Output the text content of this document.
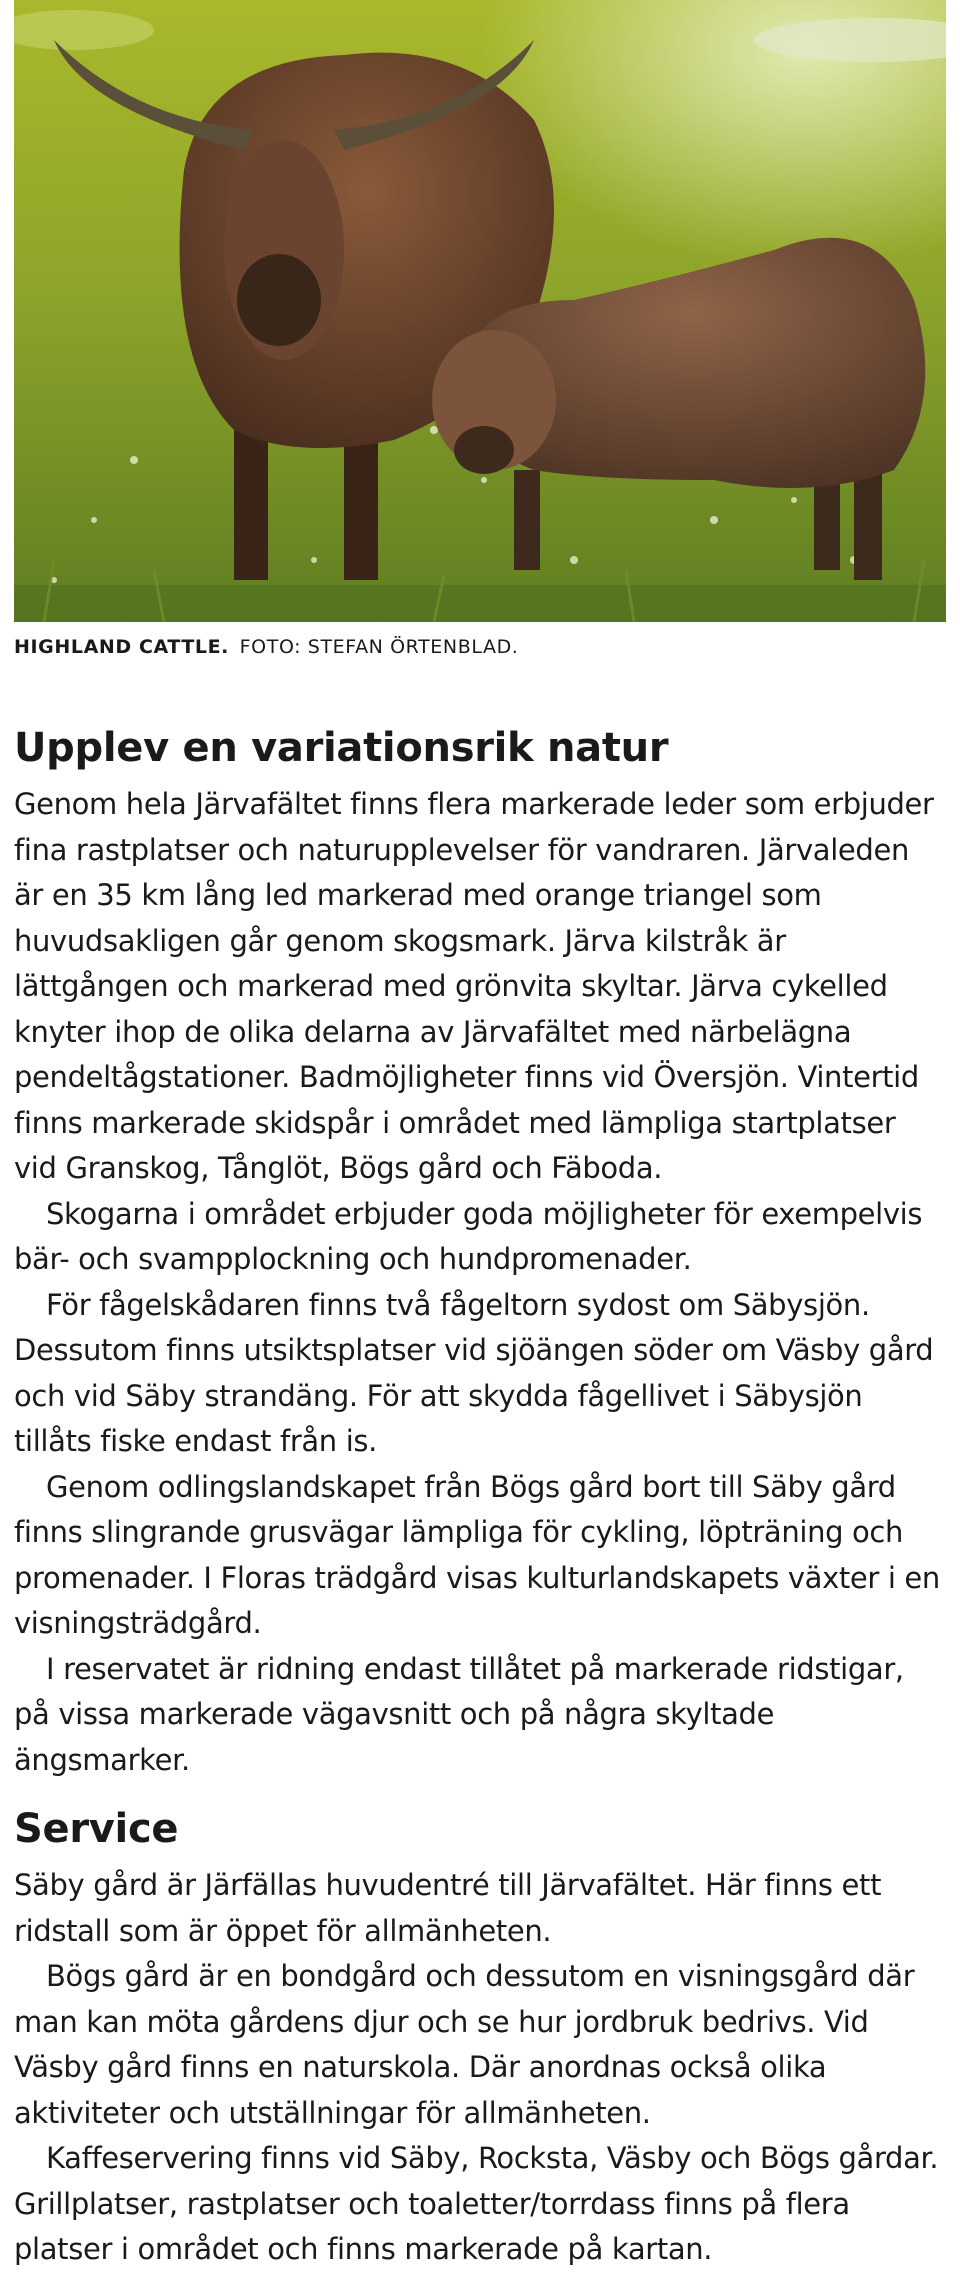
HIGHLAND CATTLE. FOTO: STEFAN ÖRTENBLAD.
Upplev en variationsrik natur

Genom hela Järvafältet finns flera markerade leder som erbjuder fina rastplatser och naturupplevelser för vandraren. Järvaleden är en 35 km lång led markerad med orange triangel som huvudsakligen går genom skogsmark. Järva kilstråk är lättgången och markerad med grönvita skyltar. Järva cykelled knyter ihop de olika delarna av Järvafältet med närbelägna pendeltågstationer. Badmöjligheter finns vid Översjön. Vintertid finns markerade skidspår i området med lämpliga startplatser vid Granskog, Tånglöt, Bögs gård och Fäboda.

Skogarna i området erbjuder goda möjligheter för exempelvis bär- och svampplockning och hundpromenader.

För fågelskådaren finns två fågeltorn sydost om Säbysjön. Dessutom finns utsiktsplatser vid sjöängen söder om Väsby gård och vid Säby strandäng. För att skydda fågellivet i Säbysjön tillåts fiske endast från is.

Genom odlingslandskapet från Bögs gård bort till Säby gård finns slingrande grusvägar lämpliga för cykling, löpträning och promenader. I Floras trädgård visas kulturlandskapets växter i en visningsträdgård.

I reservatet är ridning endast tillåtet på markerade ridstigar, på vissa markerade vägavsnitt och på några skyltade ängsmarker.

Service

Säby gård är Järfällas huvudentré till Järvafältet. Här finns ett ridstall som är öppet för allmänheten.

Bögs gård är en bondgård och dessutom en visningsgård där man kan möta gårdens djur och se hur jordbruk bedrivs. Vid Väsby gård finns en naturskola. Där anordnas också olika aktiviteter och utställningar för allmänheten.

Kaffeservering finns vid Säby, Rocksta, Väsby och Bögs gårdar. Grillplatser, rastplatser och toaletter/torrdass finns på flera platser i området och finns markerade på kartan.
